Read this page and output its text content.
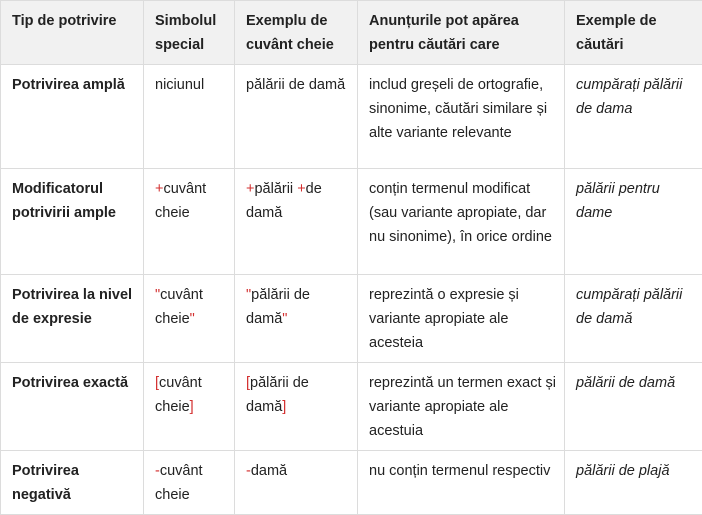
Tip de potrivire	Simbolul special	Exemplu de cuvânt cheie	Anunțurile pot apărea pentru căutări care	Exemple de căutări
Potrivirea amplă	niciunul	pălării de damă	includ greșeli de ortografie, sinonime, căutări similare și alte variante relevante	cumpărați pălării de dama
Modificatorul potrivirii ample	+cuvânt cheie	+pălării +de damă	conțin termenul modificat (sau variante apropiate, dar nu sinonime), în orice ordine	pălării pentru dame
Potrivirea la nivel de expresie	"cuvânt cheie"	"pălării de damă"	reprezintă o expresie și variante apropiate ale acesteia	cumpărați pălării de damă
Potrivirea exactă	[cuvânt cheie]	[pălării de damă]	reprezintă un termen exact și variante apropiate ale acestuia	pălării de damă
Potrivirea negativă	-cuvânt cheie	-damă	nu conțin termenul respectiv	pălării de plajă
